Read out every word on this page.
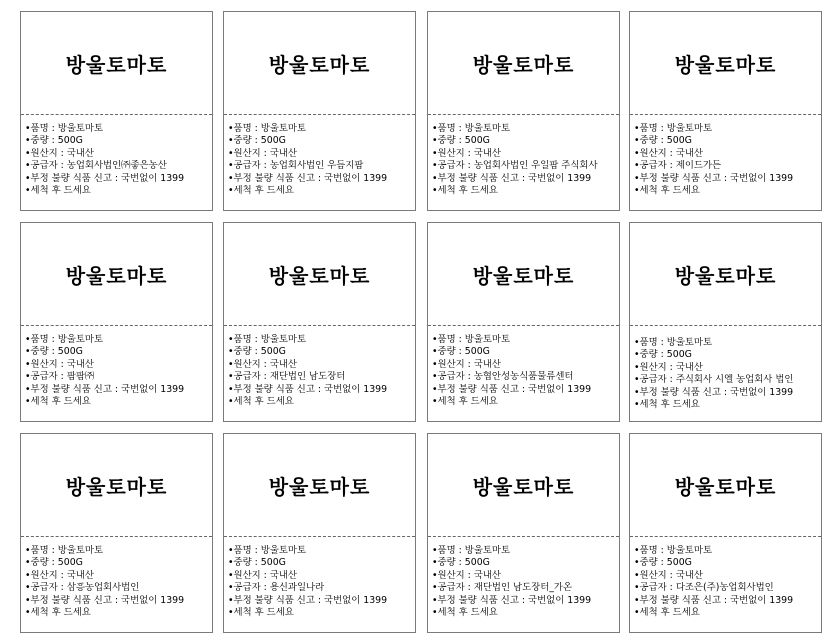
방울토마토
•품명 : 방울토마토
•중량 : 500G
•원산지 : 국내산
•공급자 : 농업회사법인㈜좋은농산
•부정 불량 식품 신고 : 국번없이 1399
•세척 후 드세요
방울토마토
•품명 : 방울토마토
•중량 : 500G
•원산지 : 국내산
•공급자 : 농업회사법인 우듬지팜
•부정 불량 식품 신고 : 국번없이 1399
•세척 후 드세요
방울토마토
•품명 : 방울토마토
•중량 : 500G
•원산지 : 국내산
•공급자 : 농업회사법인 우일팜 주식회사
•부정 불량 식품 신고 : 국번없이 1399
•세척 후 드세요
방울토마토
•품명 : 방울토마토
•중량 : 500G
•원산지 : 국내산
•공급자 : 제이드가든
•부정 불량 식품 신고 : 국번없이 1399
•세척 후 드세요
방울토마토
•품명 : 방울토마토
•중량 : 500G
•원산지 : 국내산
•공급자 : 팜팜㈜
•부정 불량 식품 신고 : 국번없이 1399
•세척 후 드세요
방울토마토
•품명 : 방울토마토
•중량 : 500G
•원산지 : 국내산
•공급자 : 재단법인 남도장터
•부정 불량 식품 신고 : 국번없이 1399
•세척 후 드세요
방울토마토
•품명 : 방울토마토
•중량 : 500G
•원산지 : 국내산
•공급자 : 농협안성농식품물류센터
•부정 불량 식품 신고 : 국번없이 1399
•세척 후 드세요
방울토마토
•품명 : 방울토마토
•중량 : 500G
•원산지 : 국내산
•공급자 : 주식회사 시엘 농업회사 법인
•부정 불량 식품 신고 : 국번없이 1399
•세척 후 드세요
방울토마토
•품명 : 방울토마토
•중량 : 500G
•원산지 : 국내산
•공급자 : 삼흥농업회사법인
•부정 불량 식품 신고 : 국번없이 1399
•세척 후 드세요
방울토마토
•품명 : 방울토마토
•중량 : 500G
•원산지 : 국내산
•공급자 : 용신과일나라
•부정 불량 식품 신고 : 국번없이 1399
•세척 후 드세요
방울토마토
•품명 : 방울토마토
•중량 : 500G
•원산지 : 국내산
•공급자 : 재단법인 남도장터_가온
•부정 불량 식품 신고 : 국번없이 1399
•세척 후 드세요
방울토마토
•품명 : 방울토마토
•중량 : 500G
•원산지 : 국내산
•공급자 : 다조은(주)농업회사법인
•부정 불량 식품 신고 : 국번없이 1399
•세척 후 드세요
